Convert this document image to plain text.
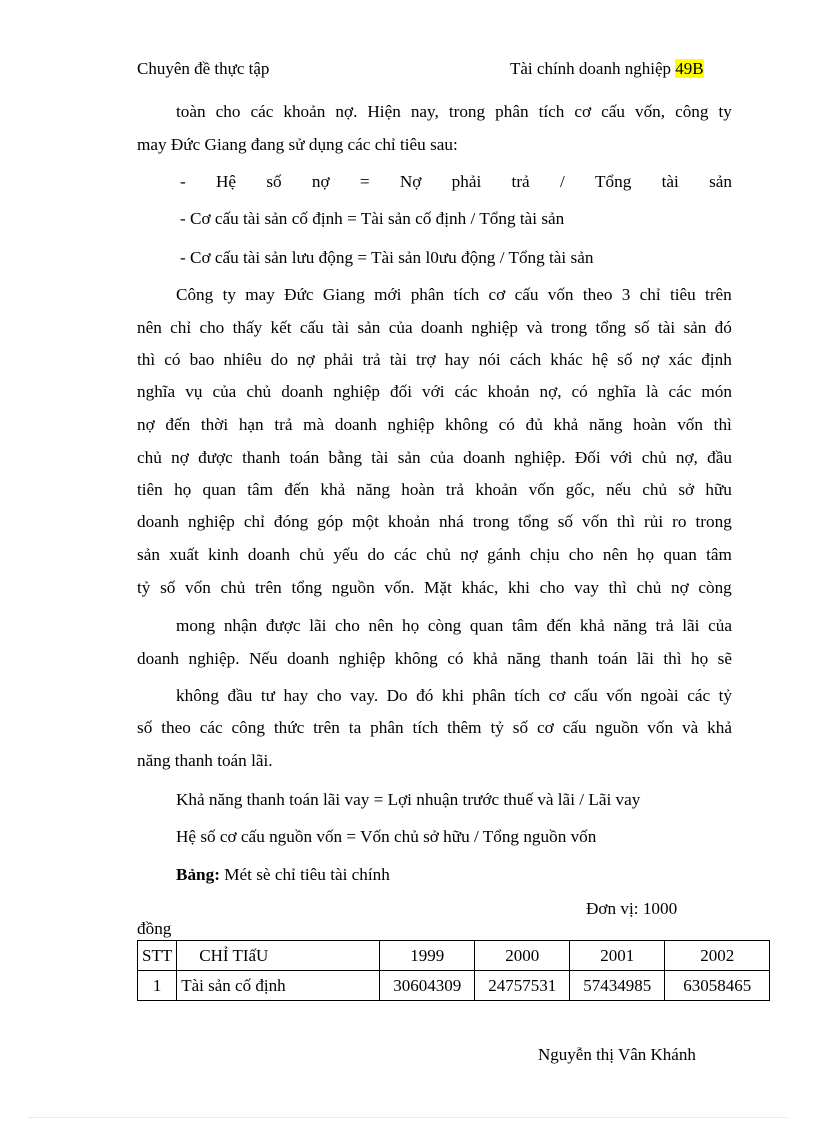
Chuyên đề thực tập	Tài chính doanh nghiệp 49B
toàn cho các khoản nợ. Hiện nay, trong phân tích cơ cấu vốn, công ty
may Đức Giang đang sử dụng các chỉ tiêu sau:
- Hệ số nợ = Nợ phải trả / Tổng tài sản
- Cơ cấu tài sản cố định = Tài sản cố định / Tổng tài sản
- Cơ cấu tài sản lưu động = Tài sản l0ưu động / Tổng tài sản
Công ty may Đức Giang mới phân tích cơ cấu vốn theo 3 chỉ tiêu trên
nên chỉ cho thấy kết cấu tài sản của doanh nghiệp và trong tổng số tài sản đó
thì có bao nhiêu do nợ phải trả tài trợ hay nói cách khác hệ số nợ xác định
nghĩa vụ của chủ doanh nghiệp đối với các khoản nợ, có nghĩa là các món
nợ đến thời hạn trả mà doanh nghiệp không có đủ khả năng hoàn vốn thì
chủ nợ được thanh toán bằng tài sản của doanh nghiệp. Đối với chủ nợ, đầu
tiên họ quan tâm đến khả năng hoàn trả khoản vốn gốc, nếu chủ sở hữu
doanh nghiệp chỉ đóng góp một khoản nhá trong tổng số vốn thì rủi ro trong
sản xuất kinh doanh chủ yếu do các chủ nợ gánh chịu cho nên họ quan tâm
tỷ số vốn chủ trên tổng nguồn vốn. Mặt khác, khi cho vay thì chủ nợ còng
mong nhận được lãi cho nên họ còng quan tâm đến khả năng trả lãi của
doanh nghiệp. Nếu doanh nghiệp không có khả năng thanh toán lãi thì họ sẽ
không đầu tư hay cho vay. Do đó khi phân tích cơ cấu vốn ngoài các tỷ
số theo các công thức trên ta phân tích thêm tỷ số cơ cấu nguồn vốn và khả
năng thanh toán lãi.
Khả năng thanh toán lãi vay = Lợi nhuận trước thuế và lãi / Lãi vay
Hệ số cơ cấu nguồn vốn = Vốn chủ sở hữu / Tổng nguồn vốn
Bảng: Mét sè chỉ tiêu tài chính
Đơn vị: 1000
đồng
STT	CHỈ TIấU	1999	2000	2001	2002
1	Tài sản cố định	30604309	24757531	57434985	63058465
Nguyễn thị Vân Khánh
